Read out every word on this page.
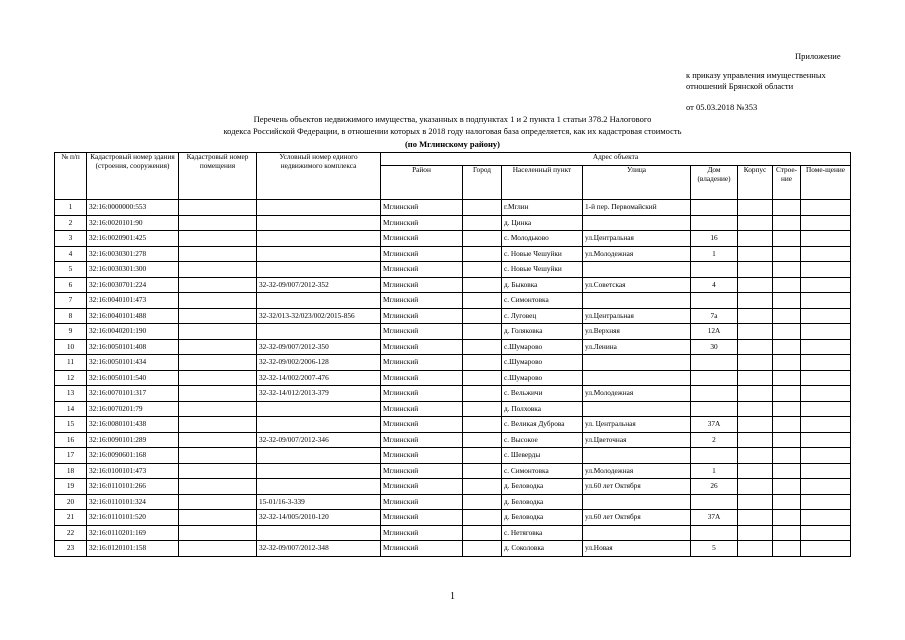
Приложение
к приказу управления имущественных
отношений Брянской области
от 05.03.2018 №353
Перечень объектов недвижимого имущества, указанных в подпунктах 1 и 2 пункта 1 статьи 378.2 Налогового
кодекса Российской Федерации, в отношении которых в 2018 году налоговая база определяется, как их кадастровая стоимость
(по Мглинскому району)
№ п/п	Кадастровый номер здания (строения, сооружения)	Кадастровый номер помещения	Условный номер единого недвижимого комплекса	Адрес объекта							
				Район	Город	Населенный пункт	Улица	Дом (владение)	Корпус	Строе-ние	Поме-щение
1	32:16:0000000:553			Мглинский		г.Мглин	1-й пер. Первомайский				
2	32:16:0020101:90			Мглинский		д. Цинка					
3	32:16:0020901:425			Мглинский		с. Молодьково	ул.Центральная	16			
4	32:16:0030301:278			Мглинский		с. Новые Чешуйки	ул.Молодежная	1			
5	32:16:0030301:300			Мглинский		с. Новые Чешуйки					
6	32:16:0030701:224		32-32-09/007/2012-352	Мглинский		д. Быковка	ул.Советская	4			
7	32:16:0040101:473			Мглинский		с. Симонтовка					
8	32:16:0040101:488		32-32/013-32/023/002/2015-856	Мглинский		с. Луговец	ул.Центральная	7а			
9	32:16:0040201:190			Мглинский		д. Голяковка	ул.Верхняя	12А			
10	32:16:0050101:408		32-32-09/007/2012-350	Мглинский		с.Шумарово	ул.Ленина	30			
11	32:16:0050101:434		32-32-09/002/2006-128	Мглинский		с.Шумарово					
12	32:16:0050101:540		32-32-14/002/2007-476	Мглинский		с.Шумарово					
13	32:16:0070101:317		32-32-14/012/2013-379	Мглинский		с. Вельжичи	ул.Молодежная				
14	32:16:0070201:79			Мглинский		д. Полховка					
15	32:16:0080101:438			Мглинский		с. Великая Дуброва	ул. Центральная	37А			
16	32:16:0090101:289		32-32-09/007/2012-346	Мглинский		с. Высокое	ул.Цветочная	2			
17	32:16:0090601:168			Мглинский		с. Шеверды					
18	32:16:0100101:473			Мглинский		с. Симонтовка	ул.Молодежная	1			
19	32:16:0110101:266			Мглинский		д. Беловодка	ул.60 лет Октября	26			
20	32:16:0110101:324		15-01/16-3-339	Мглинский		д. Беловодка					
21	32:16:0110101:520		32-32-14/005/2010-120	Мглинский		д. Беловодка	ул.60 лет Октября	37А			
22	32:16:0110201:169			Мглинский		с. Нетяговка					
23	32:16:0120101:158		32-32-09/007/2012-348	Мглинский		д. Соколовка	ул.Новая	5			
1
